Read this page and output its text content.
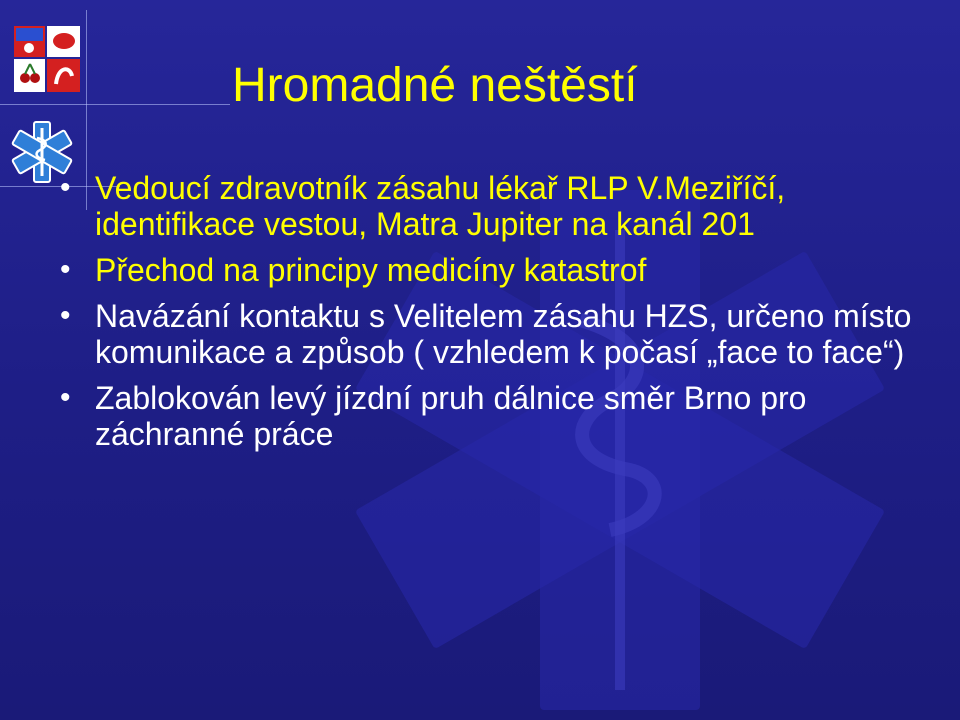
Hromadné neštěstí
• Vedoucí zdravotník zásahu lékař RLP V.Meziříčí, identifikace vestou, Matra Jupiter na kanál 201
• Přechod na principy medicíny katastrof
• Navázání kontaktu s Velitelem zásahu HZS, určeno místo komunikace a způsob ( vzhledem k počasí „face to face“)
• Zablokován levý jízdní pruh dálnice směr Brno pro záchranné práce
